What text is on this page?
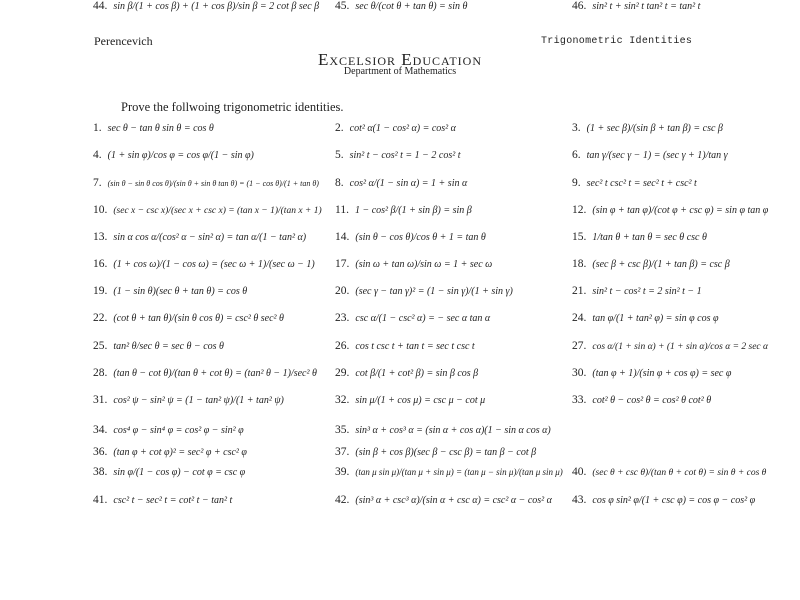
Perencevich	Trigonometric Identities
Excelsior Education
Department of Mathematics
Prove the follwoing trigonometric identities.
1. sec θ − tan θ sin θ = cos θ	2. cot² α(1 − cos² α) = cos² α	3. (1 + sec β)/(sin β + tan β) = csc β
4. (1 + sin φ)/cos φ = cos φ/(1 − sin φ)	5. sin² t − cos² t = 1 − 2 cos² t	6. tan γ/(sec γ − 1) = (sec γ + 1)/tan γ
7. (sin θ − sin θ cos θ)/(sin θ + sin θ tan θ) = (1 − cos θ)/(1 + tan θ) 8. cos² α/(1 − sin α) = 1 + sin α	9. sec² t csc² t = sec² t + csc² t
10. (sec x − csc x)/(sec x + csc x) = (tan x − 1)/(tan x + 1) 11. 1 − cos² β/(1 + sin β) = sin β	12. (sin φ + tan φ)/(cot φ + csc φ) = sin φ tan φ
13. sin α cos α/(cos² α − sin² α) = tan α/(1 − tan² α)	14. (sin θ − cos θ)/cos θ + 1 = tan θ	15. 1/tan θ + tan θ = sec θ csc θ
16. (1 + cos ω)/(1 − cos ω) = (sec ω + 1)/(sec ω − 1) 17. (sin ω + tan ω)/sin ω = 1 + sec ω	18. (sec β + csc β)/(1 + tan β) = csc β
19. (1 − sin θ)(sec θ + tan θ) = cos θ	20. (sec γ − tan γ)² = (1 − sin γ)/(1 + sin γ)	21. sin² t − cos² t = 2 sin² t − 1
22. (cot θ + tan θ)/(sin θ cos θ) = csc² θ sec² θ	23. csc α/(1 − csc² α) = − sec α tan α	24. tan φ/(1 + tan² φ) = sin φ cos φ
25. tan² θ/sec θ = sec θ − cos θ	26. cos t csc t + tan t = sec t csc t	27. cos α/(1 + sin α) + (1 + sin α)/cos α = 2 sec α
28. (tan θ − cot θ)/(tan θ + cot θ) = (tan² θ − 1)/sec² θ 29. cot β/(1 + cot² β) = sin β cos β	30. (tan φ + 1)/(sin φ + cos φ) = sec φ
31. cos² ψ − sin² ψ = (1 − tan² ψ)/(1 + tan² ψ)	32. sin μ/(1 + cos μ) = csc μ − cot μ	33. cot² θ − cos² θ = cos² θ cot² θ
34. cos⁴ φ − sin⁴ φ = cos² φ − sin² φ	35. sin³ α + cos³ α = (sin α + cos α)(1 − sin α cos α)
36. (tan φ + cot φ)² = sec² φ + csc² φ	37. (sin β + cos β)(sec β − csc β) = tan β − cot β
38. sin φ/(1 − cos φ) − cot φ = csc φ	39. (tan μ sin μ)/(tan μ + sin μ) = (tan μ − sin μ)/(tan μ sin μ) 40. (sec θ + csc θ)/(tan θ + cot θ) = sin θ + cos θ
41. csc² t − sec² t = cot² t − tan² t	42. (sin³ α + csc³ α)/(sin α + csc α) = csc² α − cos² α 43. cos φ sin² φ/(1 + csc φ) = cos φ − cos² φ
44. sin β/(1 + cos β) + (1 + cos β)/sin β = 2 cot β sec β 45. sec θ/(cot θ + tan θ) = sin θ	46. sin² t + sin² t tan² t = tan² t
